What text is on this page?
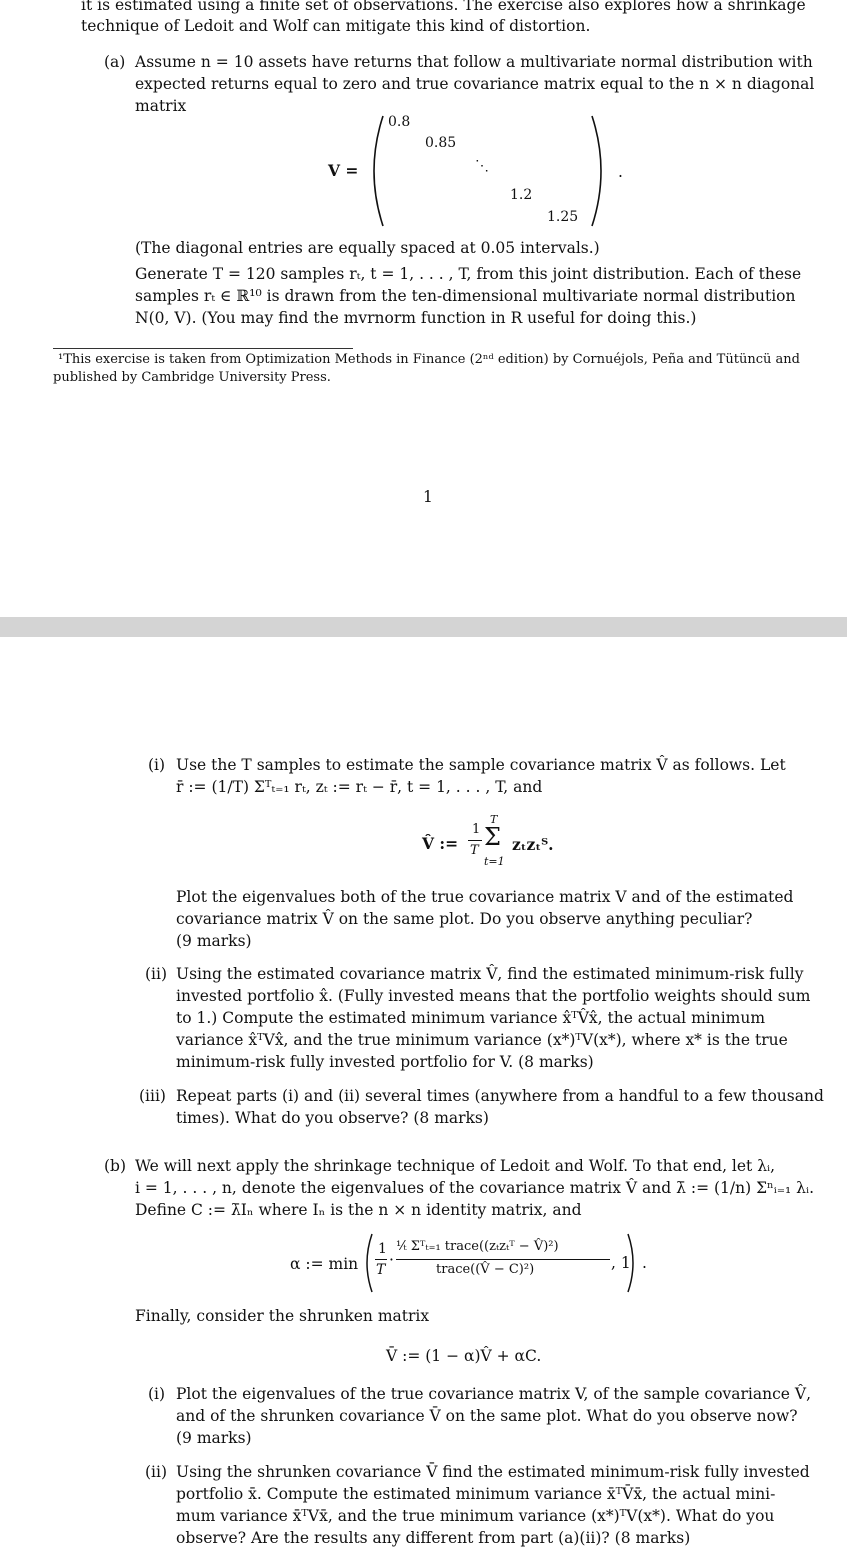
it is estimated using a finite set of observations. The exercise also explores how a shrinkage
technique of Ledoit and Wolf can mitigate this kind of distortion.
(a) Assume n = 10 assets have returns that follow a multivariate normal distribution with
expected returns equal to zero and true covariance matrix equal to the n × n diagonal
matrix
V =
0.8
0.85
⋱
1.2
1.25
.
(The diagonal entries are equally spaced at 0.05 intervals.)
Generate T = 120 samples rₜ, t = 1, . . . , T, from this joint distribution. Each of these
samples rₜ ∈ ℝ¹⁰ is drawn from the ten-dimensional multivariate normal distribution
N(0, V). (You may find the mvrnorm function in R useful for doing this.)
¹This exercise is taken from Optimization Methods in Finance (2ⁿᵈ edition) by Cornuéjols, Peña and Tütüncü and
published by Cambridge University Press.
1
(i) Use the T samples to estimate the sample covariance matrix V̂ as follows. Let
r̄ := (1/T) Σᵀₜ₌₁ rₜ, zₜ := rₜ − r̄, t = 1, . . . , T, and
V̂ :=
1
T
T
Σ
t=1
zₜzₜᵀ.
Plot the eigenvalues both of the true covariance matrix V and of the estimated
covariance matrix V̂ on the same plot. Do you observe anything peculiar?
(9 marks)
(ii) Using the estimated covariance matrix V̂, find the estimated minimum-risk fully
invested portfolio x̂. (Fully invested means that the portfolio weights should sum
to 1.) Compute the estimated minimum variance x̂ᵀV̂x̂, the actual minimum
variance x̂ᵀVx̂, and the true minimum variance (x*)ᵀV(x*), where x* is the true
minimum-risk fully invested portfolio for V. (8 marks)
(iii) Repeat parts (i) and (ii) several times (anywhere from a handful to a few thousand
times). What do you observe? (8 marks)
(b) We will next apply the shrinkage technique of Ledoit and Wolf. To that end, let λᵢ,
i = 1, . . . , n, denote the eigenvalues of the covariance matrix V̂ and λ̄ := (1/n) Σⁿᵢ₌₁ λᵢ.
Define C := λ̄Iₙ where Iₙ is the n × n identity matrix, and
α := min
1
T
·
¹⁄ₜ Σᵀₜ₌₁ trace((zₜzₜᵀ − V̂)²)
trace((V̂ − C)²)	, 1 .
Finally, consider the shrunken matrix
V̄ := (1 − α)V̂ + αC.
(i) Plot the eigenvalues of the true covariance matrix V, of the sample covariance V̂,
and of the shrunken covariance V̄ on the same plot. What do you observe now?
(9 marks)
(ii) Using the shrunken covariance V̄ find the estimated minimum-risk fully invested
portfolio x̄. Compute the estimated minimum variance x̄ᵀV̄x̄, the actual mini-
mum variance x̄ᵀVx̄, and the true minimum variance (x*)ᵀV(x*). What do you
observe? Are the results any different from part (a)(ii)? (8 marks)
